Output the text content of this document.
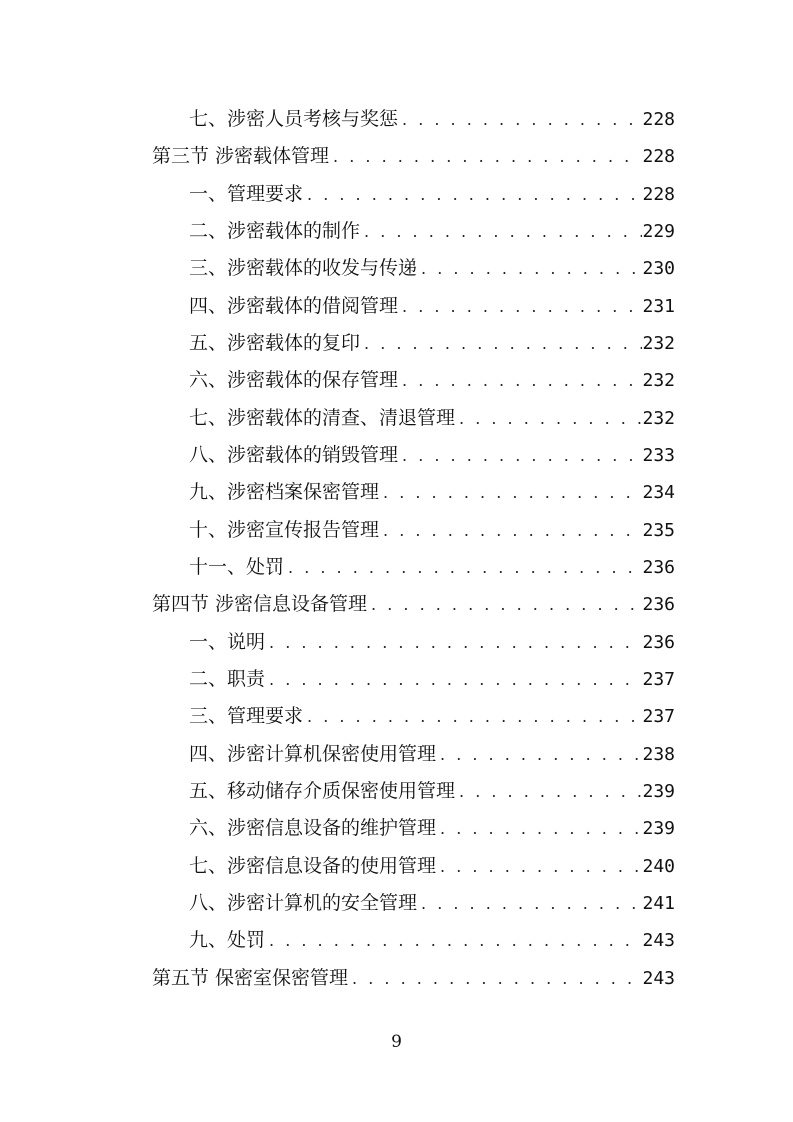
七、涉密人员考核与奖惩 . . .	228
第三节 涉密载体管理 . . .	228
一、管理要求 . . .	228
二、涉密载体的制作 . . .	229
三、涉密载体的收发与传递 . . .	230
四、涉密载体的借阅管理 . . .	231
五、涉密载体的复印 . . .	232
六、涉密载体的保存管理 . . .	232
七、涉密载体的清查、清退管理 . . .	232
八、涉密载体的销毁管理 . . .	233
九、涉密档案保密管理 . . .	234
十、涉密宣传报告管理 . . .	235
十一、处罚 . . .	236
第四节 涉密信息设备管理 . . .	236
一、说明 . . .	236
二、职责 . . .	237
三、管理要求 . . .	237
四、涉密计算机保密使用管理 . . .	238
五、移动储存介质保密使用管理 . . .	239
六、涉密信息设备的维护管理 . . .	239
七、涉密信息设备的使用管理 . . .	240
八、涉密计算机的安全管理 . . .	241
九、处罚 . . .	243
第五节 保密室保密管理 . . .	243
9
